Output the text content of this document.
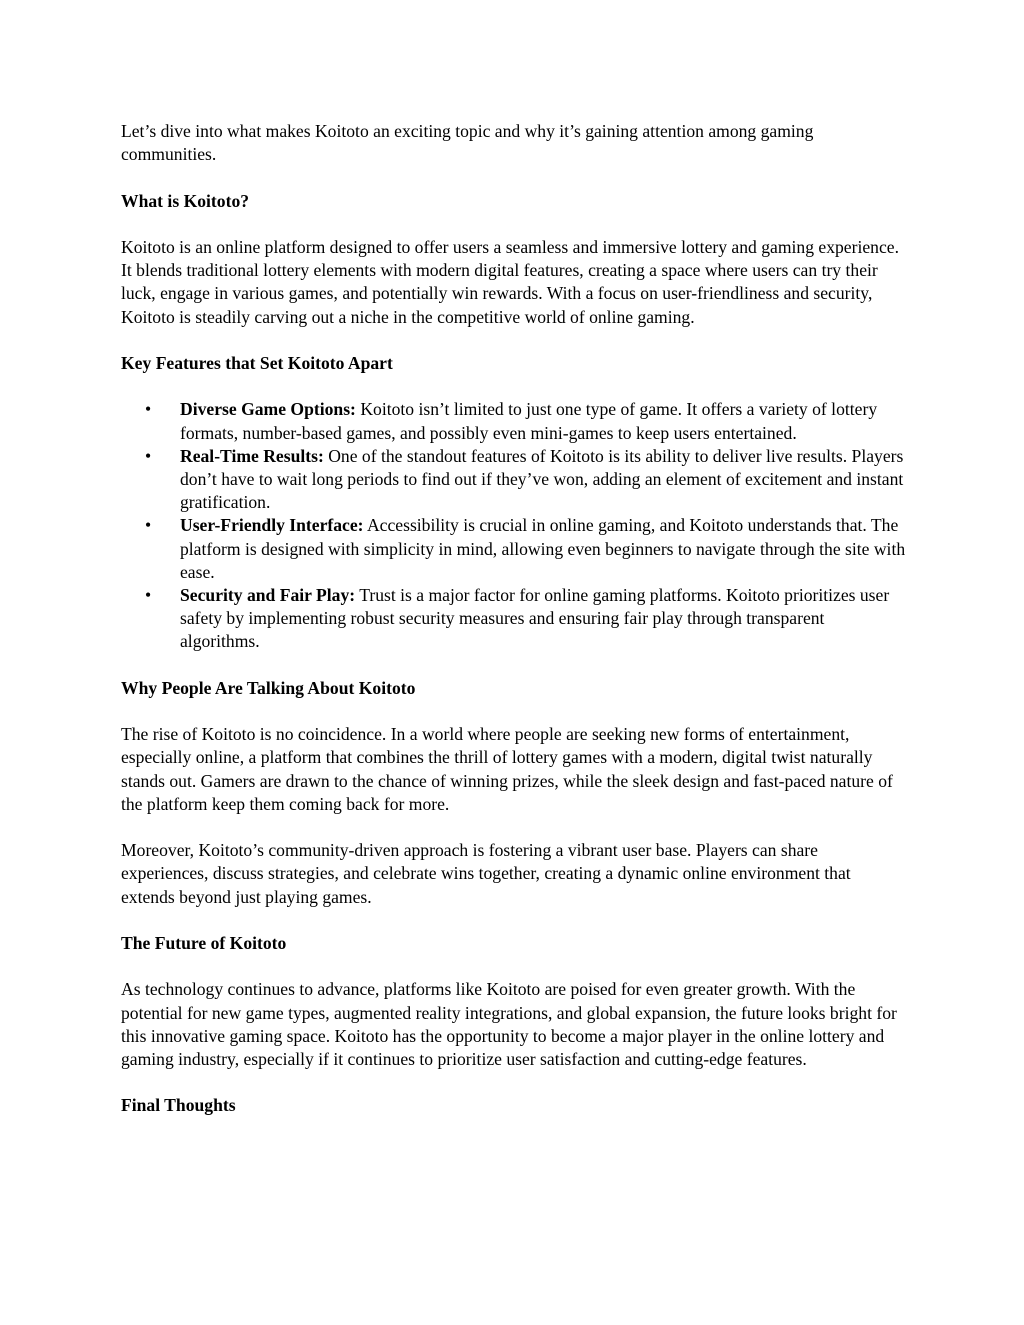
Let’s dive into what makes Koitoto an exciting topic and why it’s gaining attention among gaming communities.

What is Koitoto?

Koitoto is an online platform designed to offer users a seamless and immersive lottery and gaming experience. It blends traditional lottery elements with modern digital features, creating a space where users can try their luck, engage in various games, and potentially win rewards. With a focus on user-friendliness and security, Koitoto is steadily carving out a niche in the competitive world of online gaming.

Key Features that Set Koitoto Apart

• Diverse Game Options: Koitoto isn’t limited to just one type of game. It offers a variety of lottery formats, number-based games, and possibly even mini-games to keep users entertained.
• Real-Time Results: One of the standout features of Koitoto is its ability to deliver live results. Players don’t have to wait long periods to find out if they’ve won, adding an element of excitement and instant gratification.
• User-Friendly Interface: Accessibility is crucial in online gaming, and Koitoto understands that. The platform is designed with simplicity in mind, allowing even beginners to navigate through the site with ease.
• Security and Fair Play: Trust is a major factor for online gaming platforms. Koitoto prioritizes user safety by implementing robust security measures and ensuring fair play through transparent algorithms.

Why People Are Talking About Koitoto

The rise of Koitoto is no coincidence. In a world where people are seeking new forms of entertainment, especially online, a platform that combines the thrill of lottery games with a modern, digital twist naturally stands out. Gamers are drawn to the chance of winning prizes, while the sleek design and fast-paced nature of the platform keep them coming back for more.

Moreover, Koitoto’s community-driven approach is fostering a vibrant user base. Players can share experiences, discuss strategies, and celebrate wins together, creating a dynamic online environment that extends beyond just playing games.

The Future of Koitoto

As technology continues to advance, platforms like Koitoto are poised for even greater growth. With the potential for new game types, augmented reality integrations, and global expansion, the future looks bright for this innovative gaming space. Koitoto has the opportunity to become a major player in the online lottery and gaming industry, especially if it continues to prioritize user satisfaction and cutting-edge features.

Final Thoughts
